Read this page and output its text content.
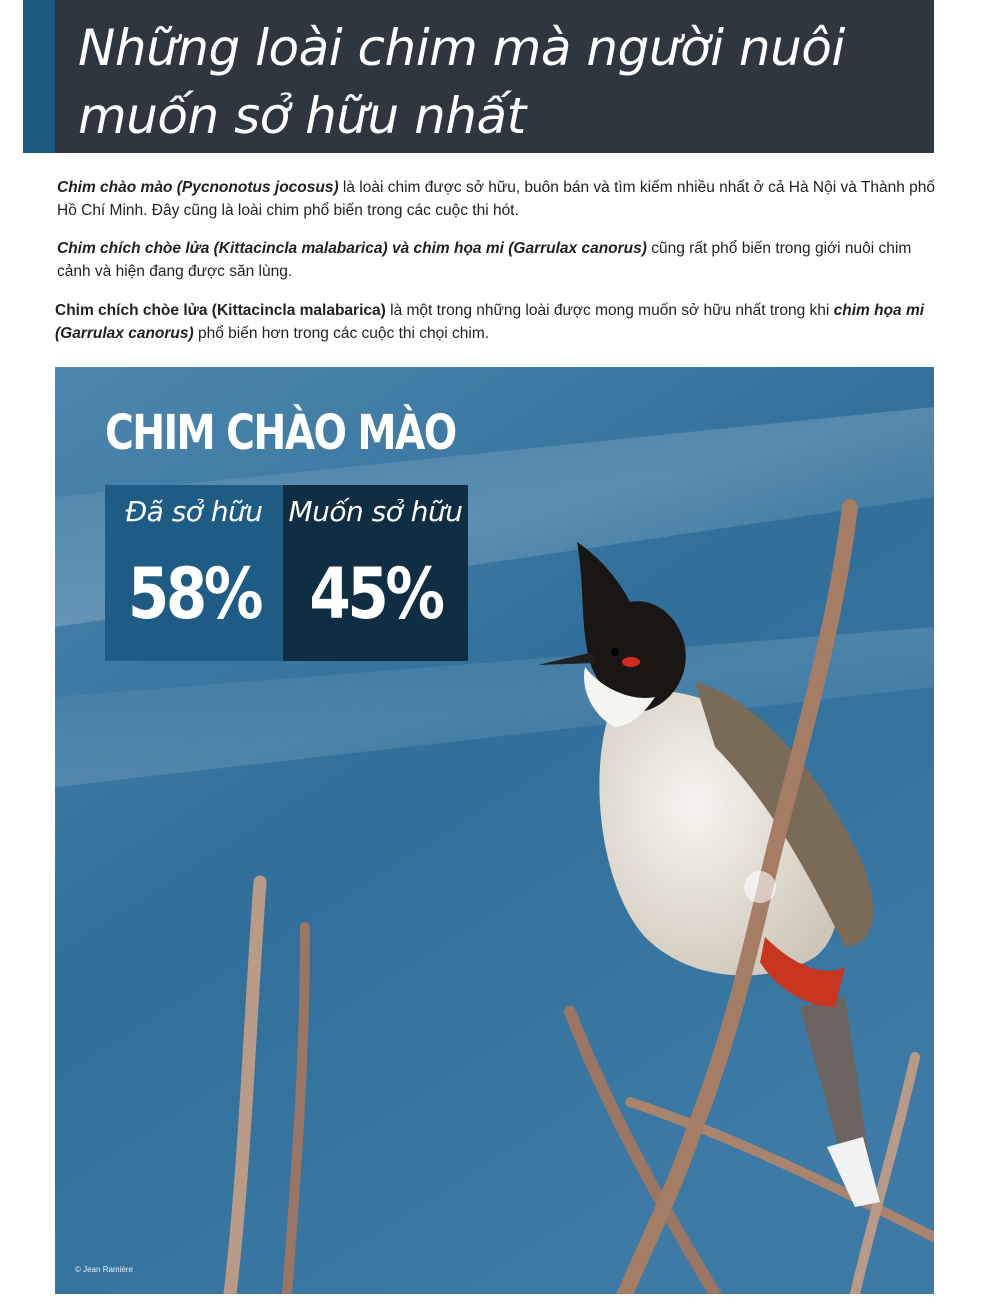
Những loài chim mà người nuôi muốn sở hữu nhất

Chim chào mào (Pycnonotus jocosus) là loài chim được sở hữu, buôn bán và tìm kiếm nhiều nhất ở cả Hà Nội và Thành phố Hồ Chí Minh. Đây cũng là loài chim phổ biến trong các cuộc thi hót.

Chim chích chòe lửa (Kittacincla malabarica) và chim họa mi (Garrulax canorus) cũng rất phổ biến trong giới nuôi chim cảnh và hiện đang được săn lùng.

Chim chích chòe lửa (Kittacincla malabarica) là một trong những loài được mong muốn sở hữu nhất trong khi chim họa mi (Garrulax canorus) phổ biến hơn trong các cuộc thi chọi chim.

CHIM CHÀO MÀO
Đã sở hữu
58%
Muốn sở hữu
45%
© Jean Ramière
